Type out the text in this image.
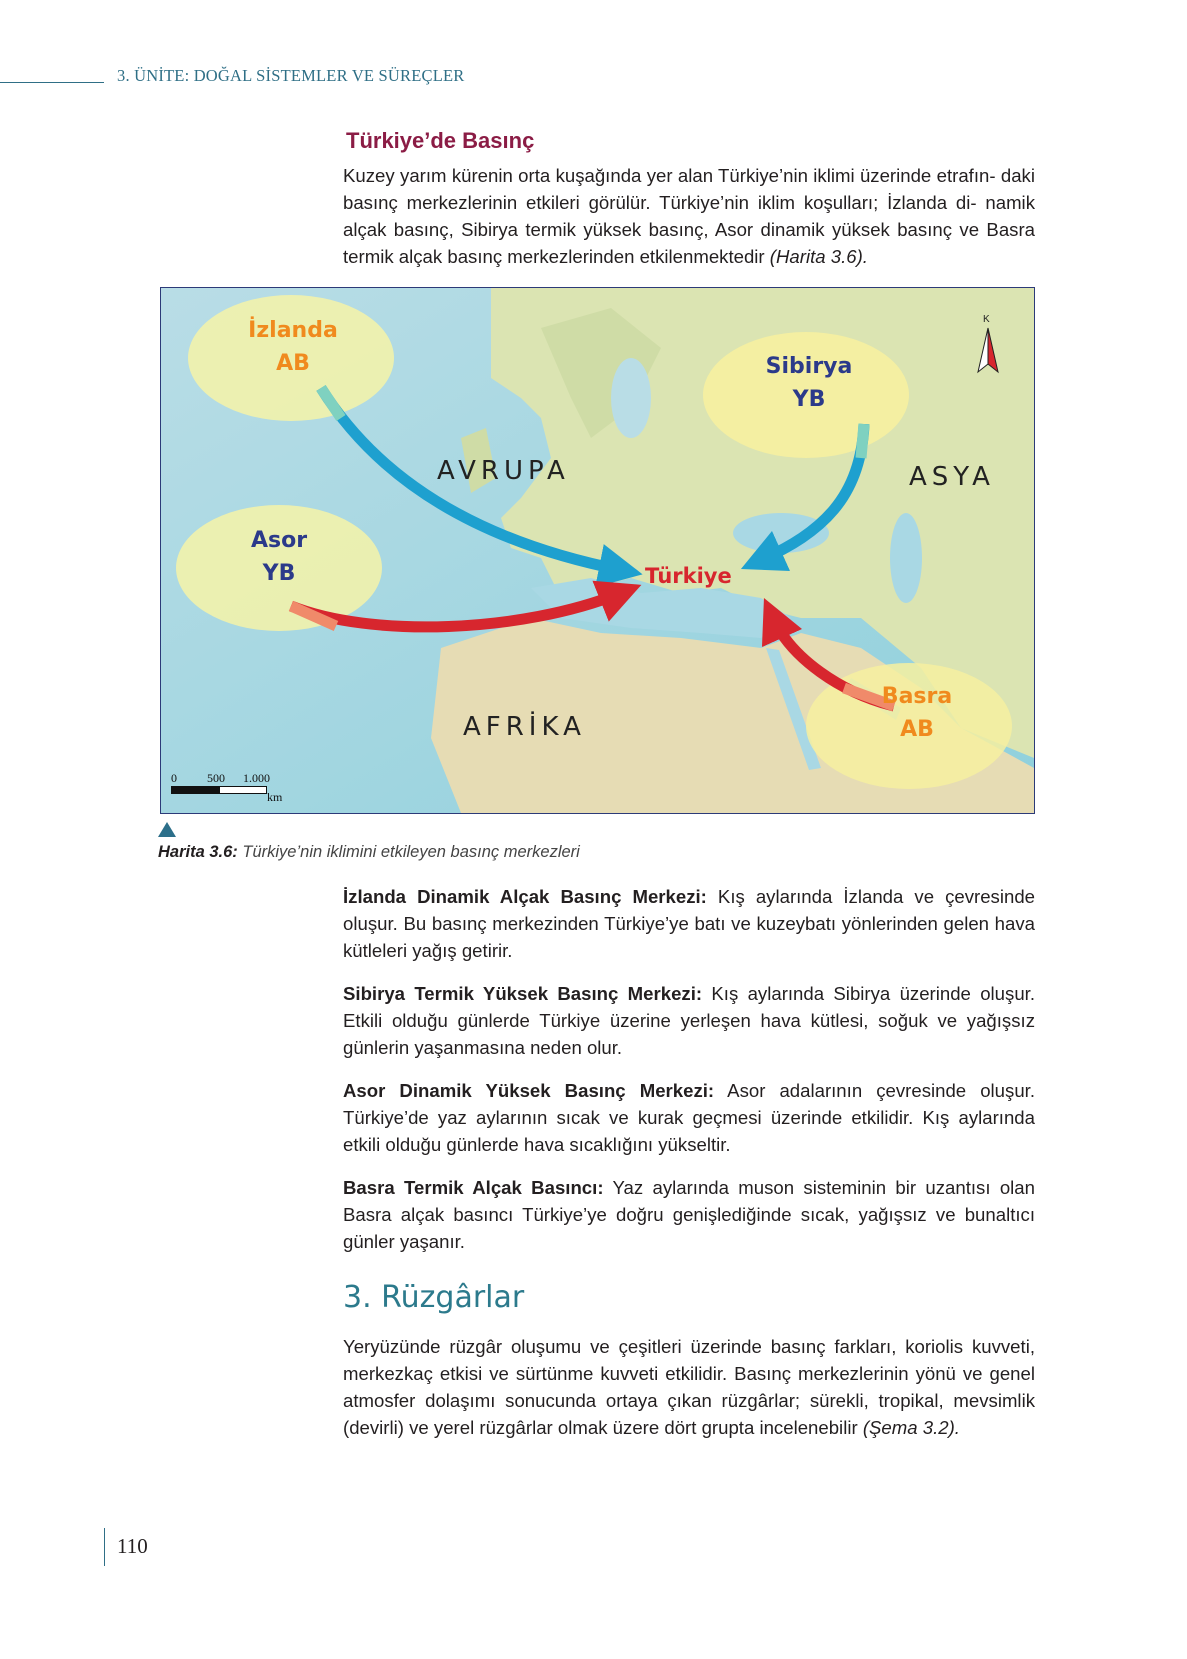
3. ÜNİTE: DOĞAL SİSTEMLER VE SÜREÇLER
Türkiye’de Basınç
Kuzey yarım kürenin orta kuşağında yer alan Türkiye’nin iklimi üzerinde etrafın- daki basınç merkezlerinin etkileri görülür. Türkiye’nin iklim koşulları; İzlanda di- namik alçak basınç, Sibirya termik yüksek basınç, Asor dinamik yüksek basınç ve Basra termik alçak basınç merkezlerinden etkilenmektedir (Harita 3.6).
İzlanda
AB	Sibirya
YB
Asor
YB
Basra
AB
AVRUPA	ASYA
AFRİKA
Türkiye
K
0	500 1.000
km
Harita 3.6: Türkiye’nin iklimini etkileyen basınç merkezleri
İzlanda Dinamik Alçak Basınç Merkezi: Kış aylarında İzlanda ve çevresinde oluşur. Bu basınç merkezinden Türkiye’ye batı ve kuzeybatı yönlerinden gelen hava kütleleri yağış getirir.
Sibirya Termik Yüksek Basınç Merkezi: Kış aylarında Sibirya üzerinde oluşur. Etkili olduğu günlerde Türkiye üzerine yerleşen hava kütlesi, soğuk ve yağışsız günlerin yaşanmasına neden olur.
Asor Dinamik Yüksek Basınç Merkezi: Asor adalarının çevresinde oluşur. Türkiye’de yaz aylarının sıcak ve kurak geçmesi üzerinde etkilidir. Kış aylarında etkili olduğu günlerde hava sıcaklığını yükseltir.
Basra Termik Alçak Basıncı: Yaz aylarında muson sisteminin bir uzantısı olan Basra alçak basıncı Türkiye’ye doğru genişlediğinde sıcak, yağışsız ve bunaltıcı günler yaşanır.
3. Rüzgârlar
Yeryüzünde rüzgâr oluşumu ve çeşitleri üzerinde basınç farkları, koriolis kuvveti, merkezkaç etkisi ve sürtünme kuvveti etkilidir. Basınç merkezlerinin yönü ve genel atmosfer dolaşımı sonucunda ortaya çıkan rüzgârlar; sürekli, tropikal, mevsimlik (devirli) ve yerel rüzgârlar olmak üzere dört grupta incelenebilir (Şema 3.2).
110
